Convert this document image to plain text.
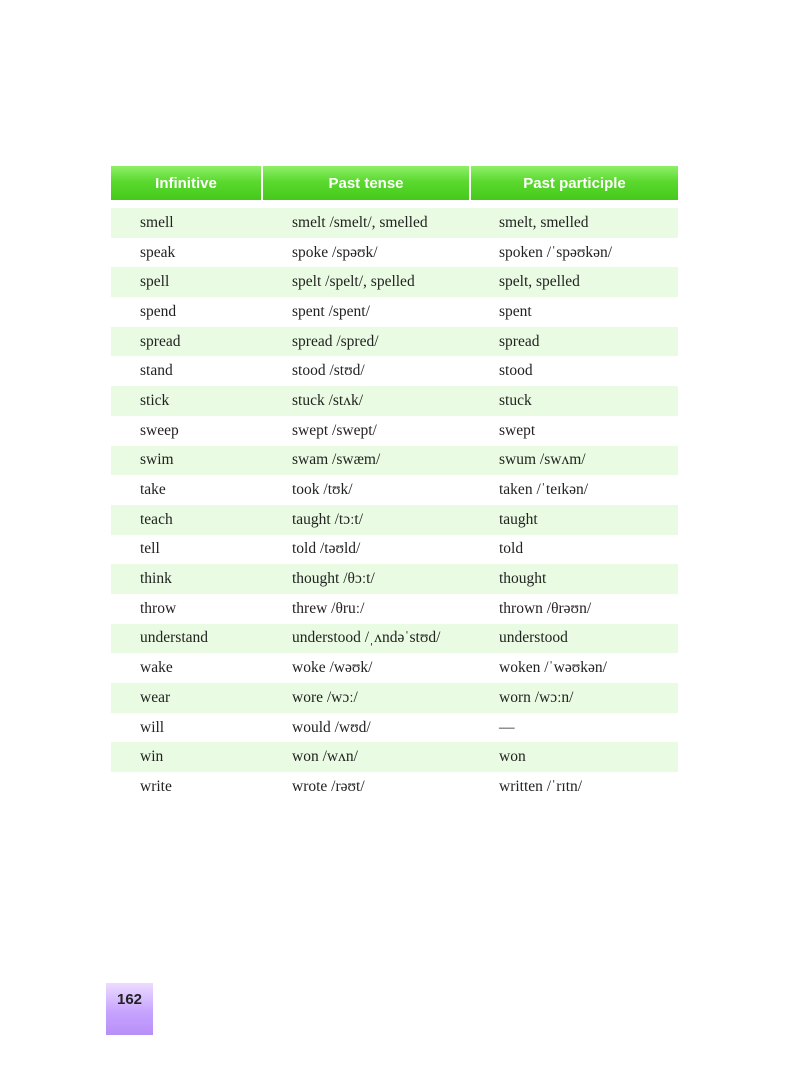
Infinitive	Past tense	Past participle
smell	smelt /smelt/, smelled	smelt, smelled
speak	spoke /spəʊk/	spoken /ˈspəʊkən/
spell	spelt /spelt/, spelled	spelt, spelled
spend	spent /spent/	spent
spread	spread /spred/	spread
stand	stood /stʊd/	stood
stick	stuck /stʌk/	stuck
sweep	swept /swept/	swept
swim	swam /swæm/	swum /swʌm/
take	took /tʊk/	taken /ˈteɪkən/
teach	taught /tɔːt/	taught
tell	told /təʊld/	told
think	thought /θɔːt/	thought
throw	threw /θruː/	thrown /θrəʊn/
understand	understood /ˌʌndəˈstʊd/	understood
wake	woke /wəʊk/	woken /ˈwəʊkən/
wear	wore /wɔː/	worn /wɔːn/
will	would /wʊd/	—
win	won /wʌn/	won
write	wrote /rəʊt/	written /ˈrɪtn/
162
